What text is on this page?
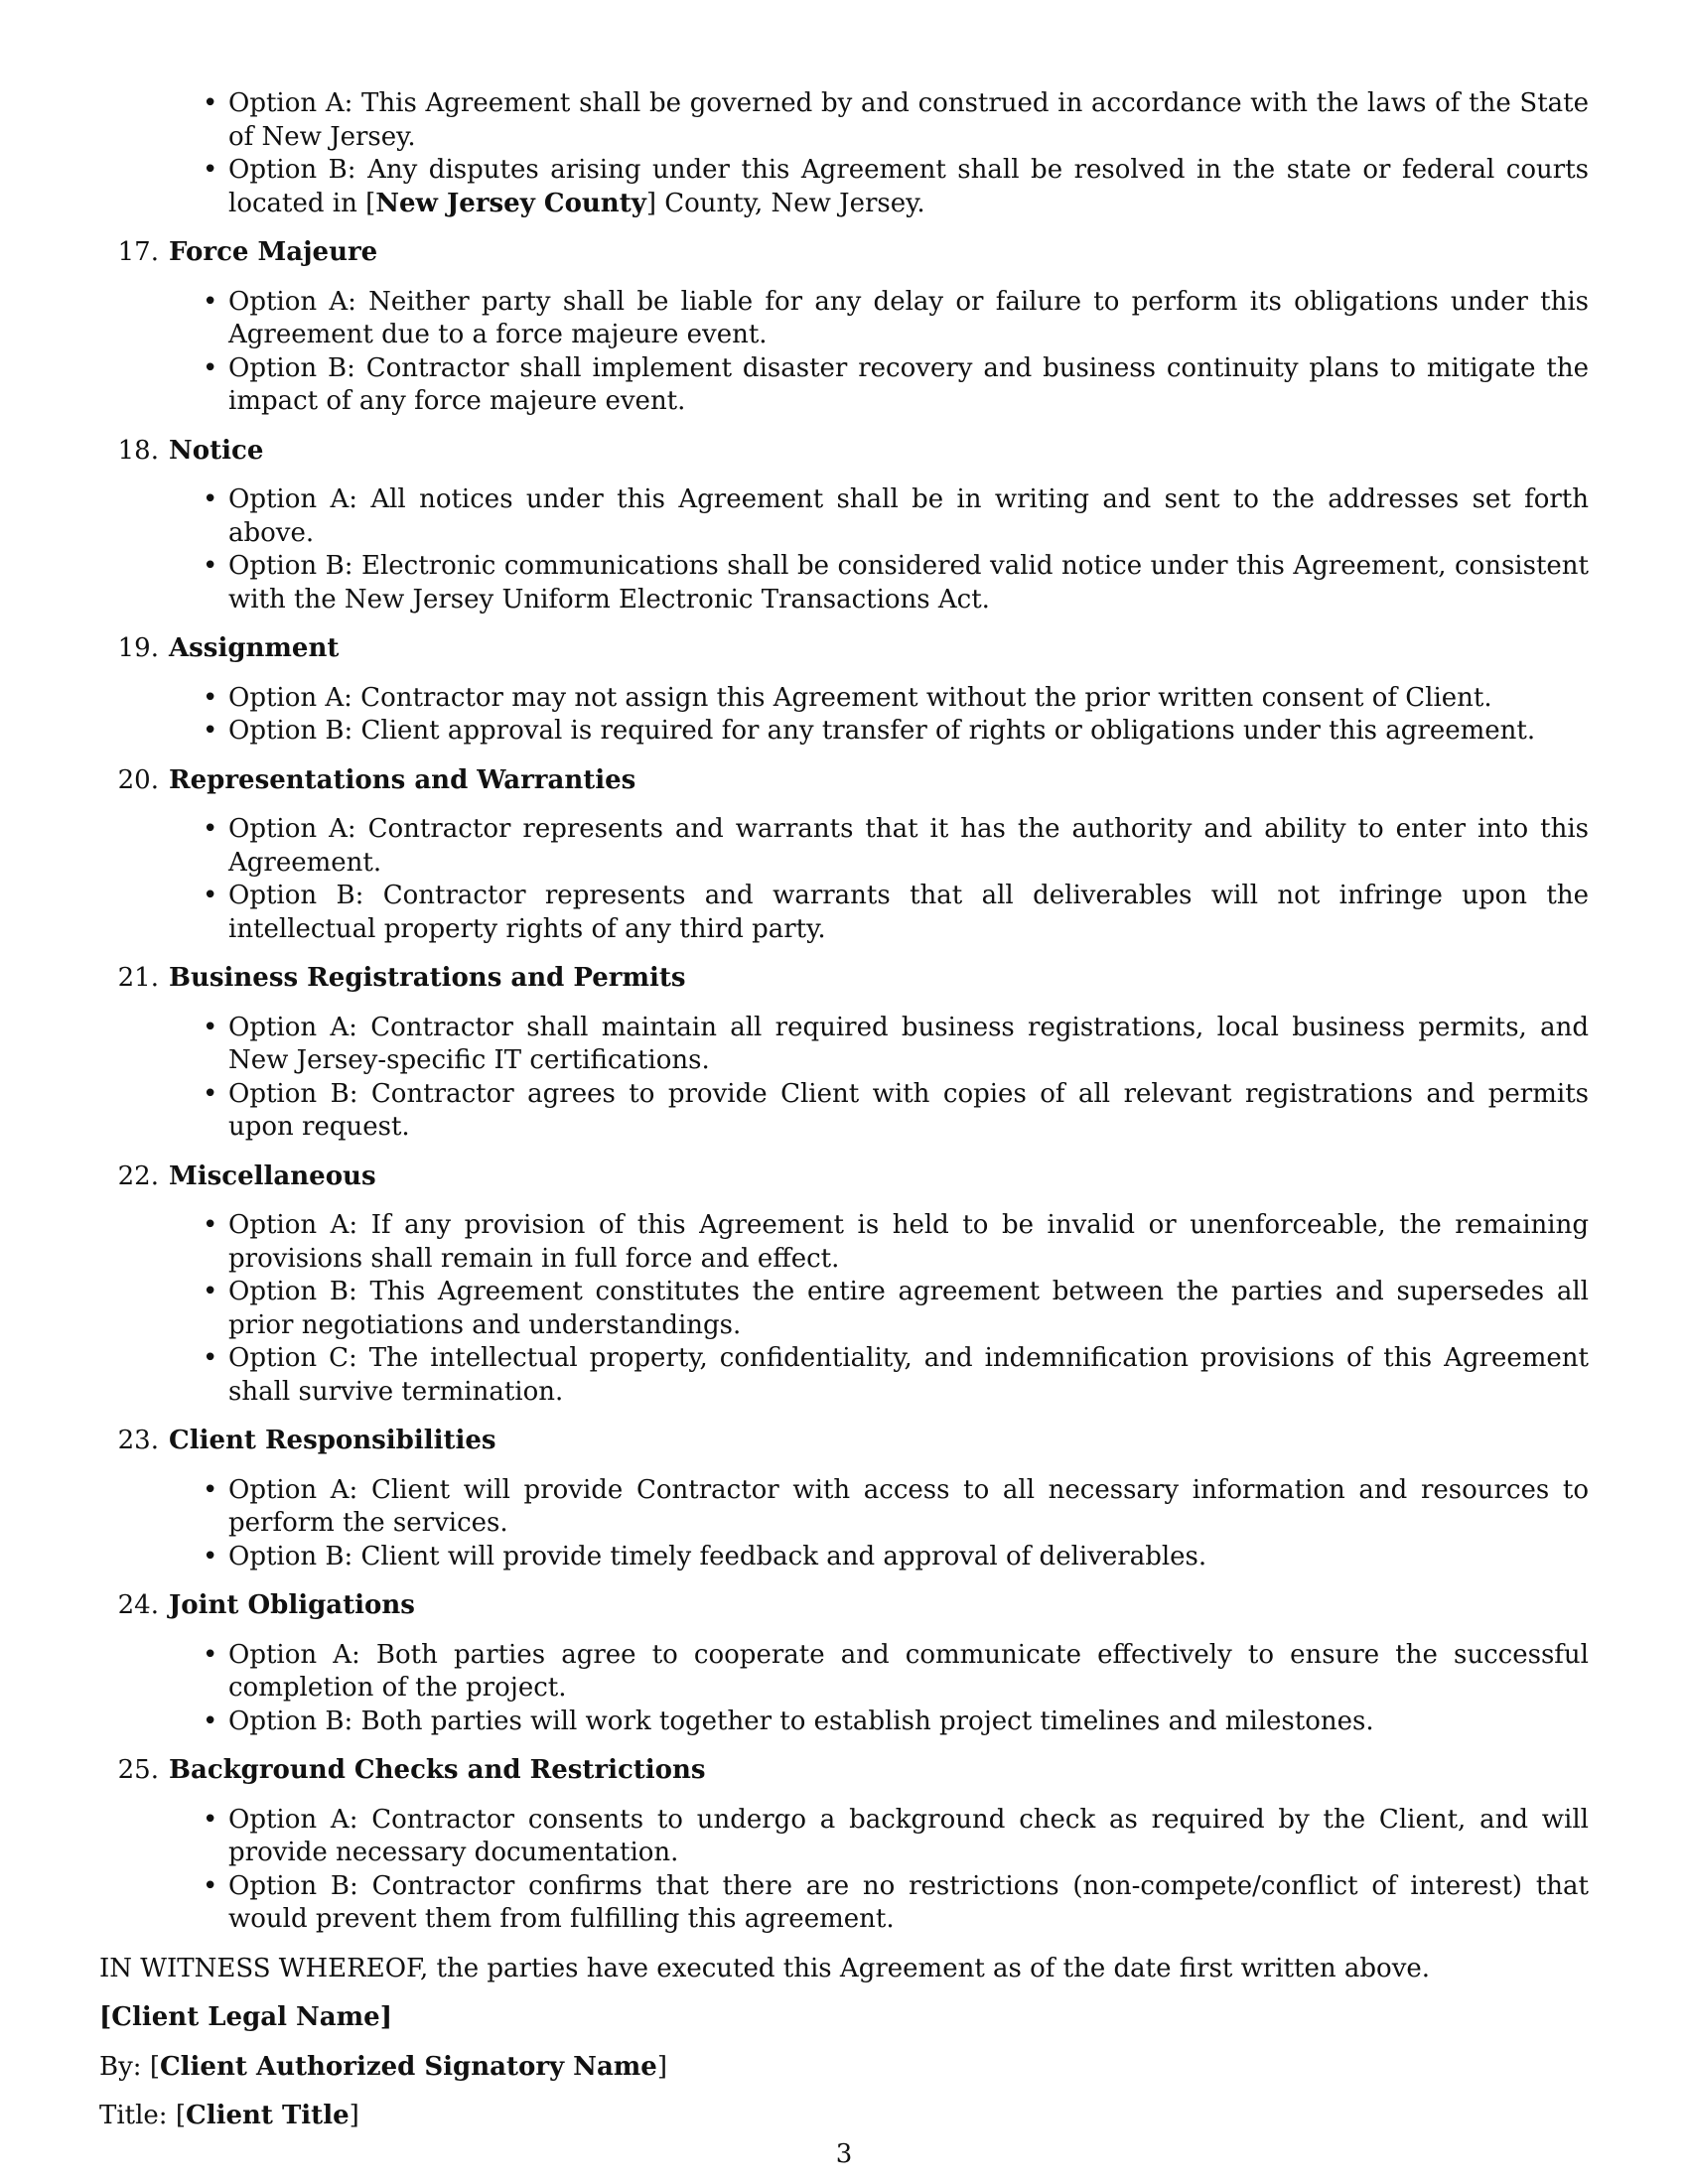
• Option A: This Agreement shall be governed by and construed in accordance with the laws of the State of New Jersey.
• Option B: Any disputes arising under this Agreement shall be resolved in the state or federal courts located in [New Jersey County] County, New Jersey.
17. Force Majeure
• Option A: Neither party shall be liable for any delay or failure to perform its obligations under this Agreement due to a force majeure event.
• Option B: Contractor shall implement disaster recovery and business continuity plans to mitigate the impact of any force majeure event.
18. Notice
• Option A: All notices under this Agreement shall be in writing and sent to the addresses set forth above.
• Option B: Electronic communications shall be considered valid notice under this Agreement, consistent with the New Jersey Uniform Electronic Transactions Act.
19. Assignment
• Option A: Contractor may not assign this Agreement without the prior written consent of Client.
• Option B: Client approval is required for any transfer of rights or obligations under this agreement.
20. Representations and Warranties
• Option A: Contractor represents and warrants that it has the authority and ability to enter into this Agreement.
• Option B: Contractor represents and warrants that all deliverables will not infringe upon the intellectual property rights of any third party.
21. Business Registrations and Permits
• Option A: Contractor shall maintain all required business registrations, local business permits, and New Jersey-specific IT certifications.
• Option B: Contractor agrees to provide Client with copies of all relevant registrations and permits upon request.
22. Miscellaneous
• Option A: If any provision of this Agreement is held to be invalid or unenforceable, the remaining provisions shall remain in full force and effect.
• Option B: This Agreement constitutes the entire agreement between the parties and supersedes all prior negotiations and understandings.
• Option C: The intellectual property, confidentiality, and indemnification provisions of this Agreement shall survive termination.
23. Client Responsibilities
• Option A: Client will provide Contractor with access to all necessary information and resources to perform the services.
• Option B: Client will provide timely feedback and approval of deliverables.
24. Joint Obligations
• Option A: Both parties agree to cooperate and communicate effectively to ensure the successful completion of the project.
• Option B: Both parties will work together to establish project timelines and milestones.
25. Background Checks and Restrictions
• Option A: Contractor consents to undergo a background check as required by the Client, and will provide necessary documentation.
• Option B: Contractor confirms that there are no restrictions (non-compete/conflict of interest) that would prevent them from fulfilling this agreement.

IN WITNESS WHEREOF, the parties have executed this Agreement as of the date first written above.

[Client Legal Name]

By: [Client Authorized Signatory Name]

Title: [Client Title]

3
